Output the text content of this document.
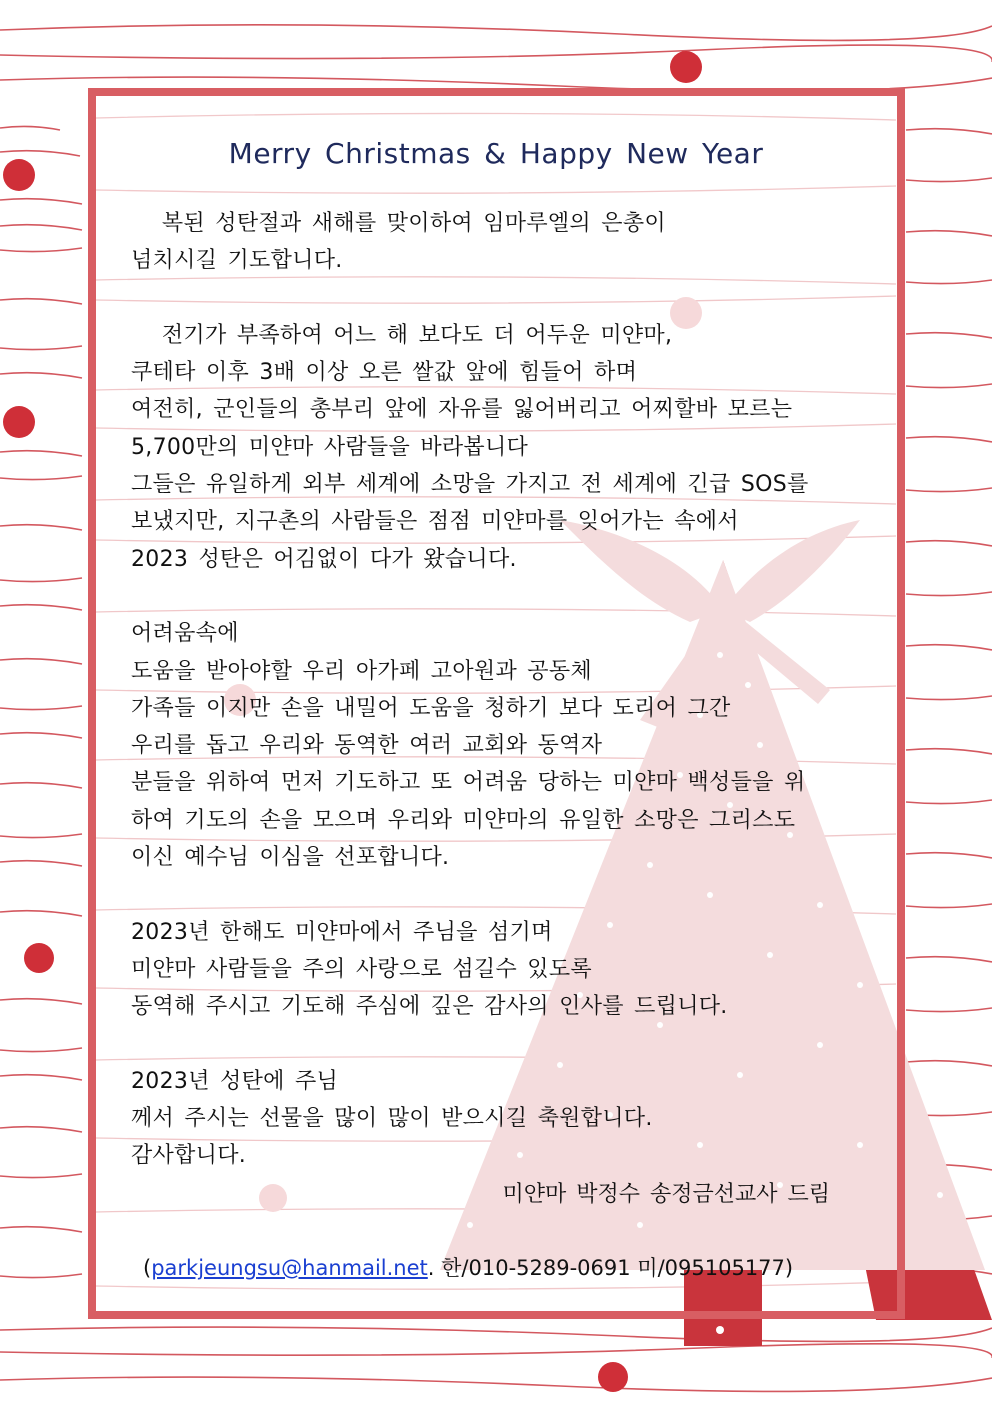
Merry Christmas & Happy New Year
복된 성탄절과 새해를 맞이하여 임마루엘의 은총이
넘치시길 기도합니다.
전기가 부족하여 어느 해 보다도 더 어두운 미얀마,
쿠테타 이후 3배 이상 오른 쌀값 앞에 힘들어 하며
여전히, 군인들의 총부리 앞에 자유를 잃어버리고 어찌할바 모르는
5,700만의 미얀마 사람들을 바라봅니다
그들은 유일하게 외부 세계에 소망을 가지고 전 세계에 긴급 SOS를
보냈지만, 지구촌의 사람들은 점점 미얀마를 잊어가는 속에서
2023 성탄은 어김없이 다가 왔습니다.
어려움속에
도움을 받아야할 우리 아가페 고아원과 공동체
가족들 이지만 손을 내밀어 도움을 청하기 보다 도리어 그간
우리를 돕고 우리와 동역한 여러 교회와 동역자
분들을 위하여 먼저 기도하고 또 어려움 당하는 미얀마 백성들을 위
하여 기도의 손을 모으며 우리와 미얀마의 유일한 소망은 그리스도
이신 예수님 이심을 선포합니다.
2023년 한해도 미얀마에서 주님을 섬기며
미얀마 사람들을 주의 사랑으로 섬길수 있도록
동역해 주시고 기도해 주심에 깊은 감사의 인사를 드립니다.
2023년 성탄에 주님
께서 주시는 선물을 많이 많이 받으시길 축원합니다.
감사합니다.
미얀마 박정수 송정금선교사 드림
(parkjeungsu@hanmail.net. 한/010-5289-0691 미/095105177)
